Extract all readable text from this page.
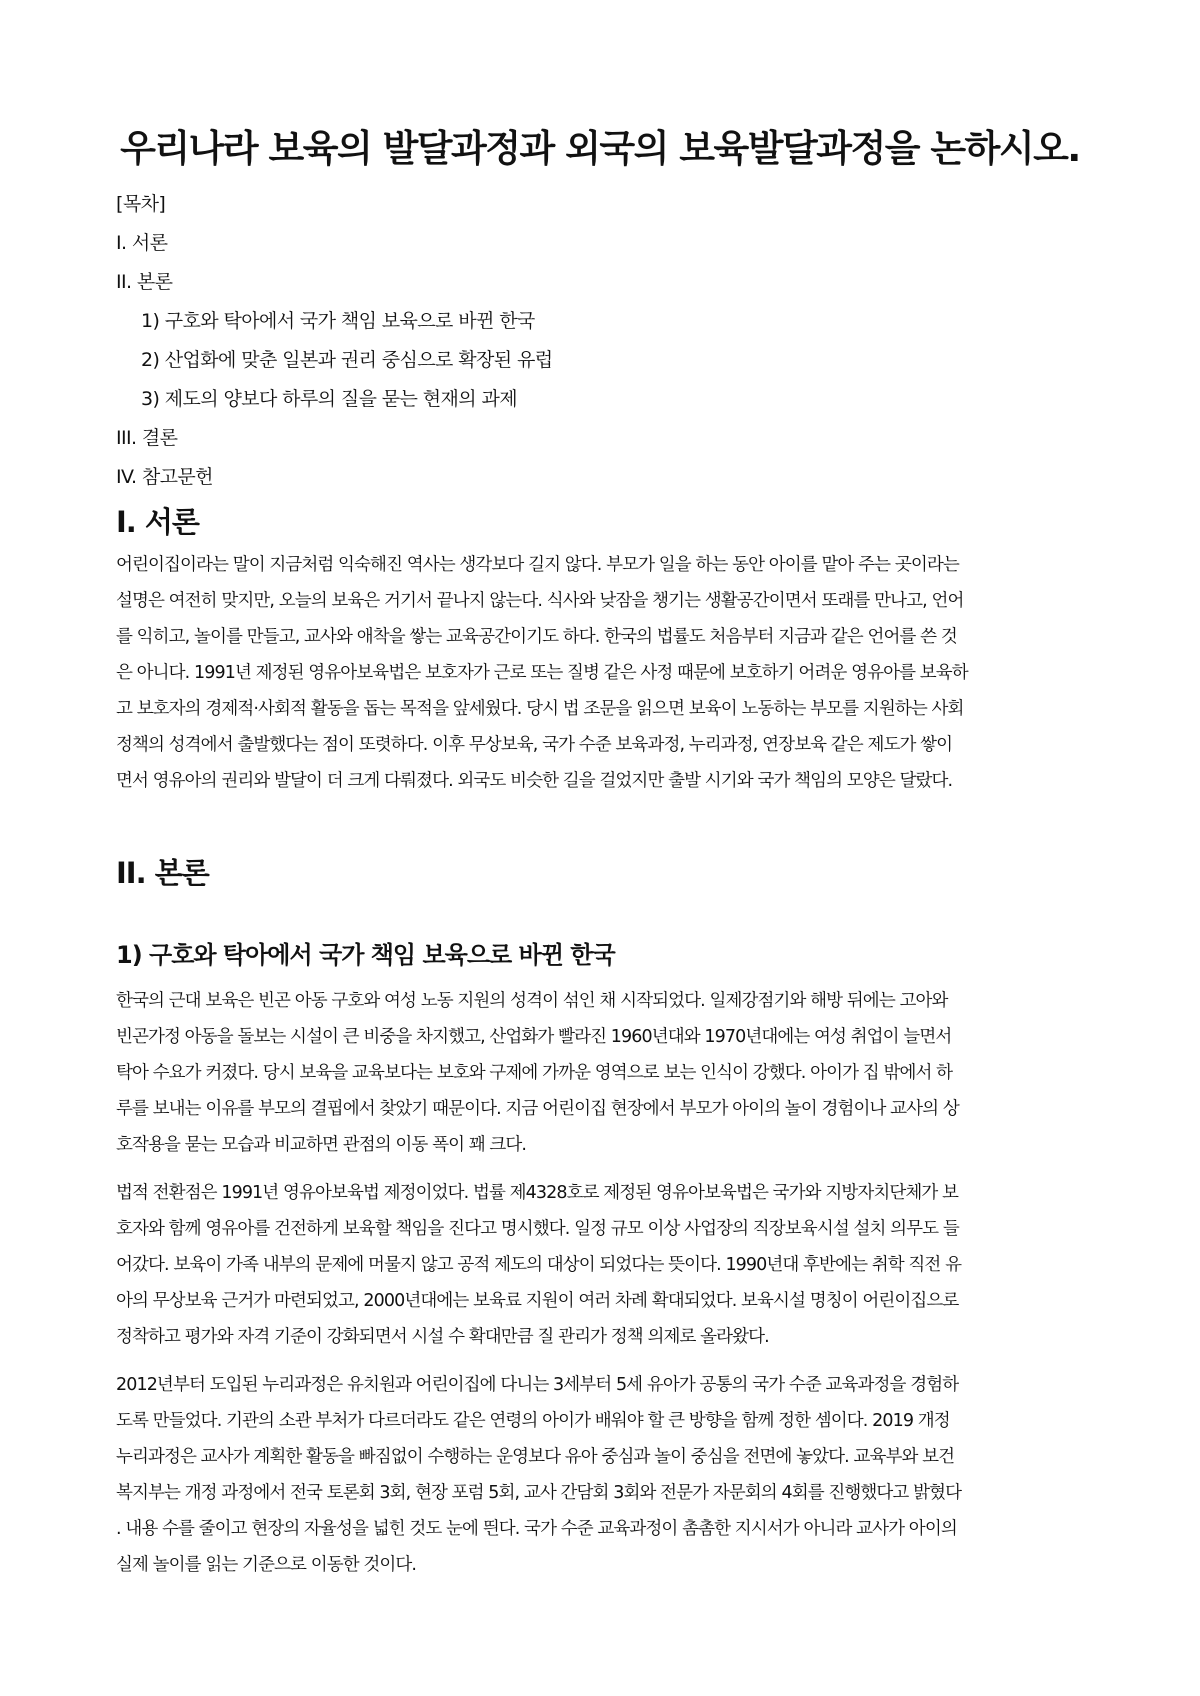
우리나라 보육의 발달과정과 외국의 보육발달과정을 논하시오.
[목차]
I. 서론
II. 본론
1) 구호와 탁아에서 국가 책임 보육으로 바뀐 한국
2) 산업화에 맞춘 일본과 권리 중심으로 확장된 유럽
3) 제도의 양보다 하루의 질을 묻는 현재의 과제
III. 결론
IV. 참고문헌
I. 서론
어린이집이라는 말이 지금처럼 익숙해진 역사는 생각보다 길지 않다. 부모가 일을 하는 동안 아이를 맡아 주는 곳이라는
설명은 여전히 맞지만, 오늘의 보육은 거기서 끝나지 않는다. 식사와 낮잠을 챙기는 생활공간이면서 또래를 만나고, 언어
를 익히고, 놀이를 만들고, 교사와 애착을 쌓는 교육공간이기도 하다. 한국의 법률도 처음부터 지금과 같은 언어를 쓴 것
은 아니다. 1991년 제정된 영유아보육법은 보호자가 근로 또는 질병 같은 사정 때문에 보호하기 어려운 영유아를 보육하
고 보호자의 경제적·사회적 활동을 돕는 목적을 앞세웠다. 당시 법 조문을 읽으면 보육이 노동하는 부모를 지원하는 사회
정책의 성격에서 출발했다는 점이 또렷하다. 이후 무상보육, 국가 수준 보육과정, 누리과정, 연장보육 같은 제도가 쌓이
면서 영유아의 권리와 발달이 더 크게 다뤄졌다. 외국도 비슷한 길을 걸었지만 출발 시기와 국가 책임의 모양은 달랐다.
II. 본론
1) 구호와 탁아에서 국가 책임 보육으로 바뀐 한국
한국의 근대 보육은 빈곤 아동 구호와 여성 노동 지원의 성격이 섞인 채 시작되었다. 일제강점기와 해방 뒤에는 고아와
빈곤가정 아동을 돌보는 시설이 큰 비중을 차지했고, 산업화가 빨라진 1960년대와 1970년대에는 여성 취업이 늘면서
탁아 수요가 커졌다. 당시 보육을 교육보다는 보호와 구제에 가까운 영역으로 보는 인식이 강했다. 아이가 집 밖에서 하
루를 보내는 이유를 부모의 결핍에서 찾았기 때문이다. 지금 어린이집 현장에서 부모가 아이의 놀이 경험이나 교사의 상
호작용을 묻는 모습과 비교하면 관점의 이동 폭이 꽤 크다.
법적 전환점은 1991년 영유아보육법 제정이었다. 법률 제4328호로 제정된 영유아보육법은 국가와 지방자치단체가 보
호자와 함께 영유아를 건전하게 보육할 책임을 진다고 명시했다. 일정 규모 이상 사업장의 직장보육시설 설치 의무도 들
어갔다. 보육이 가족 내부의 문제에 머물지 않고 공적 제도의 대상이 되었다는 뜻이다. 1990년대 후반에는 취학 직전 유
아의 무상보육 근거가 마련되었고, 2000년대에는 보육료 지원이 여러 차례 확대되었다. 보육시설 명칭이 어린이집으로
정착하고 평가와 자격 기준이 강화되면서 시설 수 확대만큼 질 관리가 정책 의제로 올라왔다.
2012년부터 도입된 누리과정은 유치원과 어린이집에 다니는 3세부터 5세 유아가 공통의 국가 수준 교육과정을 경험하
도록 만들었다. 기관의 소관 부처가 다르더라도 같은 연령의 아이가 배워야 할 큰 방향을 함께 정한 셈이다. 2019 개정
누리과정은 교사가 계획한 활동을 빠짐없이 수행하는 운영보다 유아 중심과 놀이 중심을 전면에 놓았다. 교육부와 보건
복지부는 개정 과정에서 전국 토론회 3회, 현장 포럼 5회, 교사 간담회 3회와 전문가 자문회의 4회를 진행했다고 밝혔다
. 내용 수를 줄이고 현장의 자율성을 넓힌 것도 눈에 띈다. 국가 수준 교육과정이 촘촘한 지시서가 아니라 교사가 아이의
실제 놀이를 읽는 기준으로 이동한 것이다.
